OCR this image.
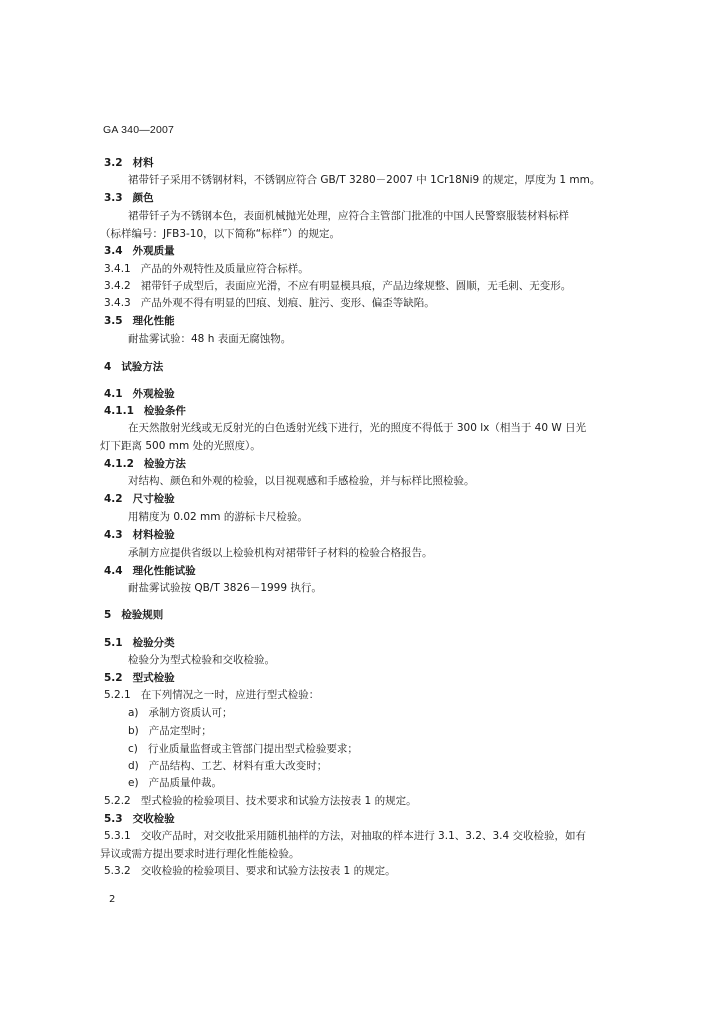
GA 340—2007
3.2 材料
裙带钎子采用不锈钢材料，不锈钢应符合 GB/T 3280－2007 中 1Cr18Ni9 的规定，厚度为 1 mm。
3.3 颜色
裙带钎子为不锈钢本色，表面机械抛光处理，应符合主管部门批准的中国人民警察服装材料标样
（标样编号：JFB3-10，以下简称“标样”）的规定。
3.4 外观质量
3.4.1 产品的外观特性及质量应符合标样。
3.4.2 裙带钎子成型后，表面应光滑，不应有明显模具痕，产品边缘规整、圆顺，无毛刺、无变形。
3.4.3 产品外观不得有明显的凹痕、划痕、脏污、变形、偏歪等缺陷。
3.5 理化性能
耐盐雾试验：48 h 表面无腐蚀物。
4 试验方法
4.1 外观检验
4.1.1 检验条件
在天然散射光线或无反射光的白色透射光线下进行，光的照度不得低于 300 lx（相当于 40 W 日光
灯下距离 500 mm 处的光照度）。
4.1.2 检验方法
对结构、颜色和外观的检验，以目视观感和手感检验，并与标样比照检验。
4.2 尺寸检验
用精度为 0.02 mm 的游标卡尺检验。
4.3 材料检验
承制方应提供省级以上检验机构对裙带钎子材料的检验合格报告。
4.4 理化性能试验
耐盐雾试验按 QB/T 3826－1999 执行。
5 检验规则
5.1 检验分类
检验分为型式检验和交收检验。
5.2 型式检验
5.2.1 在下列情况之一时，应进行型式检验：
a) 承制方资质认可；
b) 产品定型时；
c) 行业质量监督或主管部门提出型式检验要求；
d) 产品结构、工艺、材料有重大改变时；
e) 产品质量仲裁。
5.2.2 型式检验的检验项目、技术要求和试验方法按表 1 的规定。
5.3 交收检验
5.3.1 交收产品时，对交收批采用随机抽样的方法，对抽取的样本进行 3.1、3.2、3.4 交收检验，如有
异议或需方提出要求时进行理化性能检验。
5.3.2 交收检验的检验项目、要求和试验方法按表 1 的规定。
2
